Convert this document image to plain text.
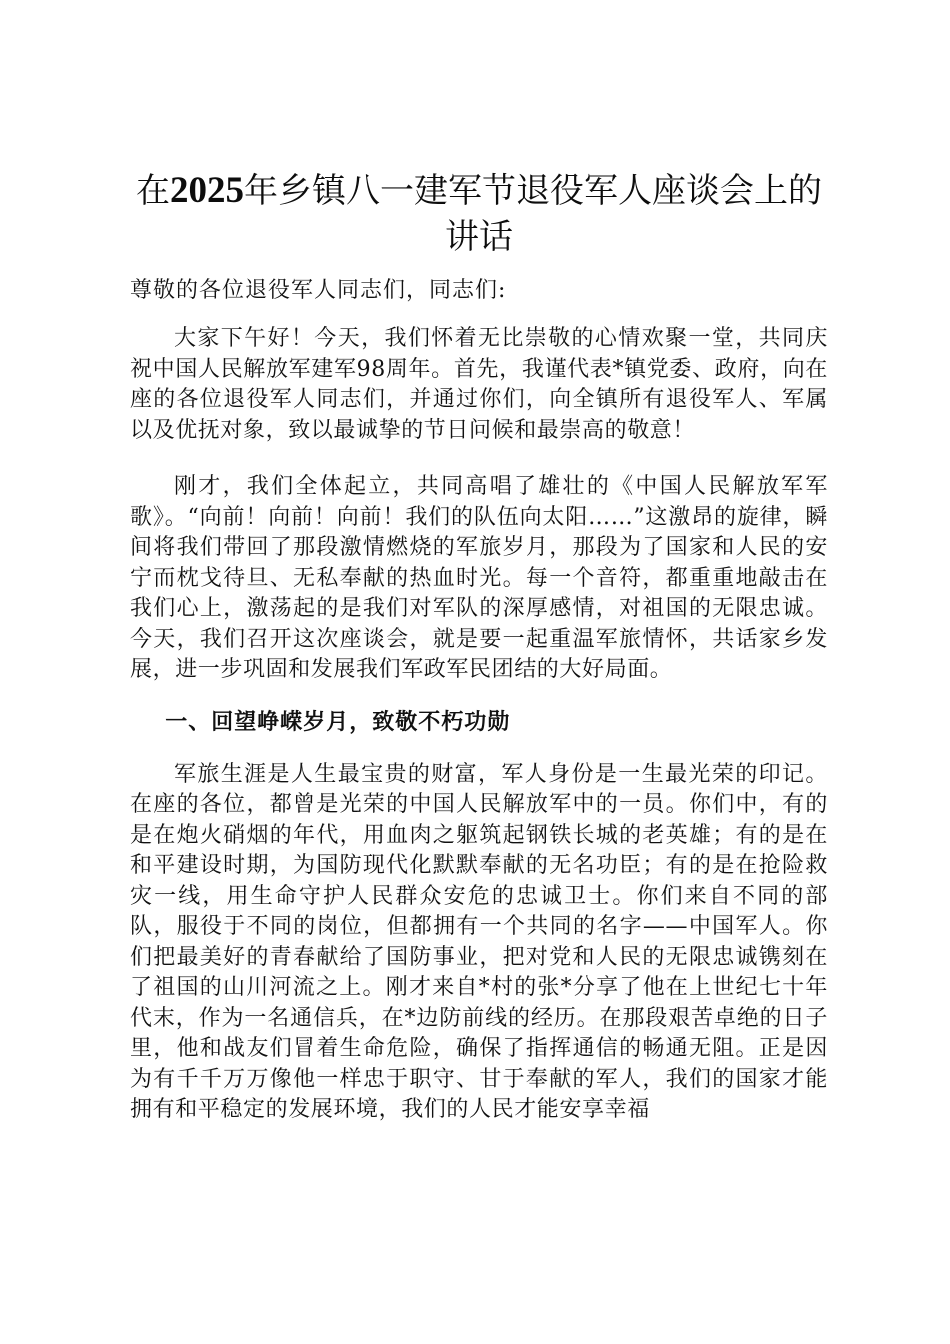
在2025年乡镇八一建军节退役军人座谈会上的讲话

尊敬的各位退役军人同志们，同志们:

大家下午好！今天，我们怀着无比崇敬的心情欢聚一堂，共同庆祝中国人民解放军建军98周年。首先，我谨代表*镇党委、政府，向在座的各位退役军人同志们，并通过你们，向全镇所有退役军人、军属以及优抚对象，致以最诚挚的节日问候和最崇高的敬意！

刚才，我们全体起立，共同高唱了雄壮的《中国人民解放军军歌》。“向前！向前！向前！我们的队伍向太阳……”这激昂的旋律，瞬间将我们带回了那段激情燃烧的军旅岁月，那段为了国家和人民的安宁而枕戈待旦、无私奉献的热血时光。每一个音符，都重重地敲击在我们心上，激荡起的是我们对军队的深厚感情，对祖国的无限忠诚。今天，我们召开这次座谈会，就是要一起重温军旅情怀，共话家乡发展，进一步巩固和发展我们军政军民团结的大好局面。

一、回望峥嵘岁月，致敬不朽功勋

军旅生涯是人生最宝贵的财富，军人身份是一生最光荣的印记。在座的各位，都曾是光荣的中国人民解放军中的一员。你们中，有的是在炮火硝烟的年代，用血肉之躯筑起钢铁长城的老英雄；有的是在和平建设时期，为国防现代化默默奉献的无名功臣；有的是在抢险救灾一线，用生命守护人民群众安危的忠诚卫士。你们来自不同的部队，服役于不同的岗位，但都拥有一个共同的名字——中国军人。你们把最美好的青春献给了国防事业，把对党和人民的无限忠诚镌刻在了祖国的山川河流之上。刚才来自*村的张*分享了他在上世纪七十年代末，作为一名通信兵，在*边防前线的经历。在那段艰苦卓绝的日子里，他和战友们冒着生命危险，确保了指挥通信的畅通无阻。正是因为有千千万万像他一样忠于职守、甘于奉献的军人，我们的国家才能拥有和平稳定的发展环境，我们的人民才能安享幸福
